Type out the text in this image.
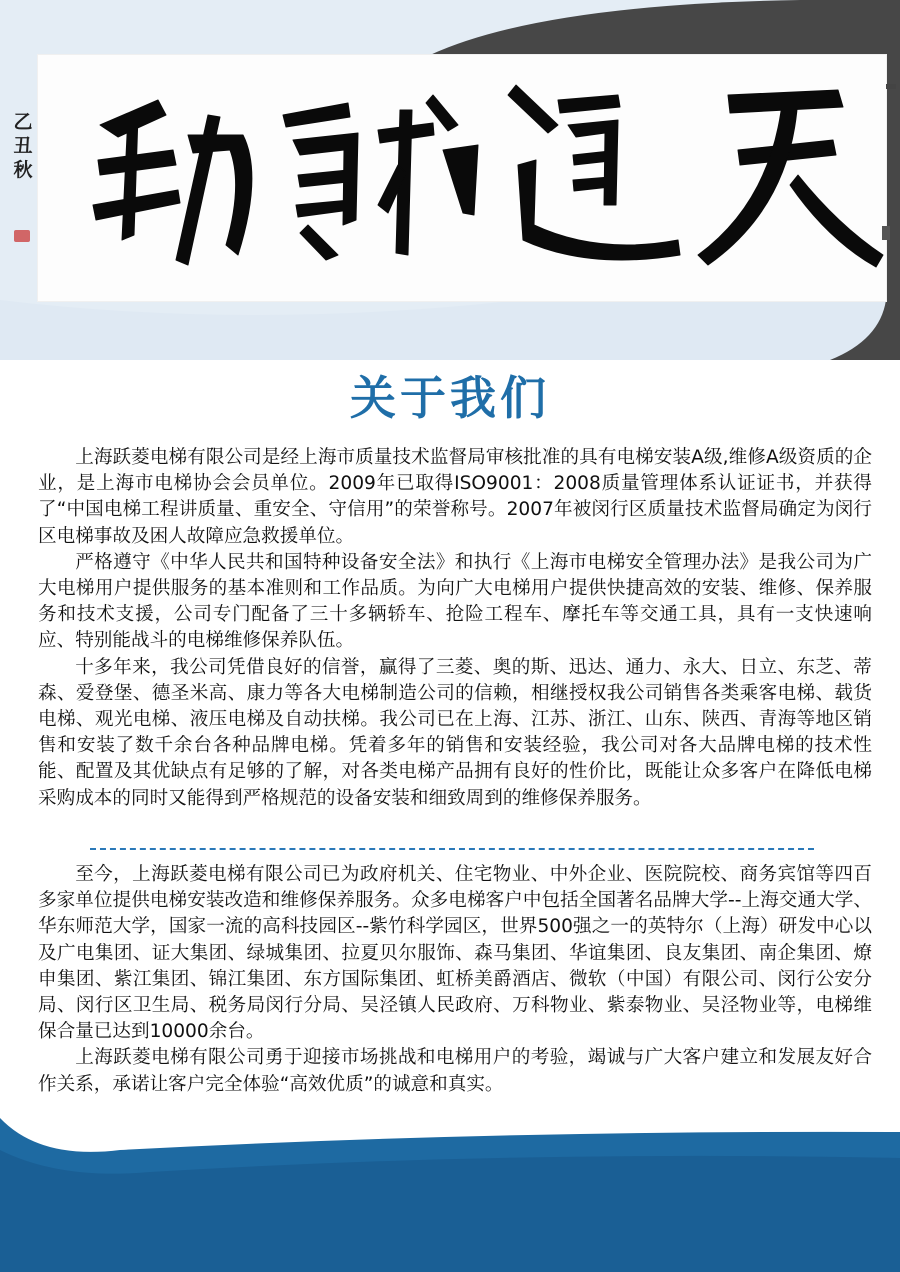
乙丑秋
关于我们

上海跃菱电梯有限公司是经上海市质量技术监督局审核批准的具有电梯安装A级,维修A级资质的企业，是上海市电梯协会会员单位。2009年已取得ISO9001：2008质量管理体系认证证书，并获得了“中国电梯工程讲质量、重安全、守信用”的荣誉称号。2007年被闵行区质量技术监督局确定为闵行区电梯事故及困人故障应急救援单位。

严格遵守《中华人民共和国特种设备安全法》和执行《上海市电梯安全管理办法》是我公司为广大电梯用户提供服务的基本准则和工作品质。为向广大电梯用户提供快捷高效的安装、维修、保养服务和技术支援，公司专门配备了三十多辆轿车、抢险工程车、摩托车等交通工具，具有一支快速响应、特别能战斗的电梯维修保养队伍。

十多年来，我公司凭借良好的信誉，赢得了三菱、奥的斯、迅达、通力、永大、日立、东芝、蒂森、爱登堡、德圣米高、康力等各大电梯制造公司的信赖，相继授权我公司销售各类乘客电梯、载货电梯、观光电梯、液压电梯及自动扶梯。我公司已在上海、江苏、浙江、山东、陕西、青海等地区销售和安装了数千余台各种品牌电梯。凭着多年的销售和安装经验，我公司对各大品牌电梯的技术性能、配置及其优缺点有足够的了解，对各类电梯产品拥有良好的性价比，既能让众多客户在降低电梯采购成本的同时又能得到严格规范的设备安装和细致周到的维修保养服务。

至今，上海跃菱电梯有限公司已为政府机关、住宅物业、中外企业、医院院校、商务宾馆等四百多家单位提供电梯安装改造和维修保养服务。众多电梯客户中包括全国著名品牌大学--上海交通大学、华东师范大学，国家一流的高科技园区--紫竹科学园区，世界500强之一的英特尔（上海）研发中心以及广电集团、证大集团、绿城集团、拉夏贝尔服饰、森马集团、华谊集团、良友集团、南企集团、燎申集团、紫江集团、锦江集团、东方国际集团、虹桥美爵酒店、微软（中国）有限公司、闵行公安分局、闵行区卫生局、税务局闵行分局、吴泾镇人民政府、万科物业、紫泰物业、吴泾物业等，电梯维保合量已达到10000余台。

上海跃菱电梯有限公司勇于迎接市场挑战和电梯用户的考验，竭诚与广大客户建立和发展友好合作关系，承诺让客户完全体验“高效优质”的诚意和真实。
